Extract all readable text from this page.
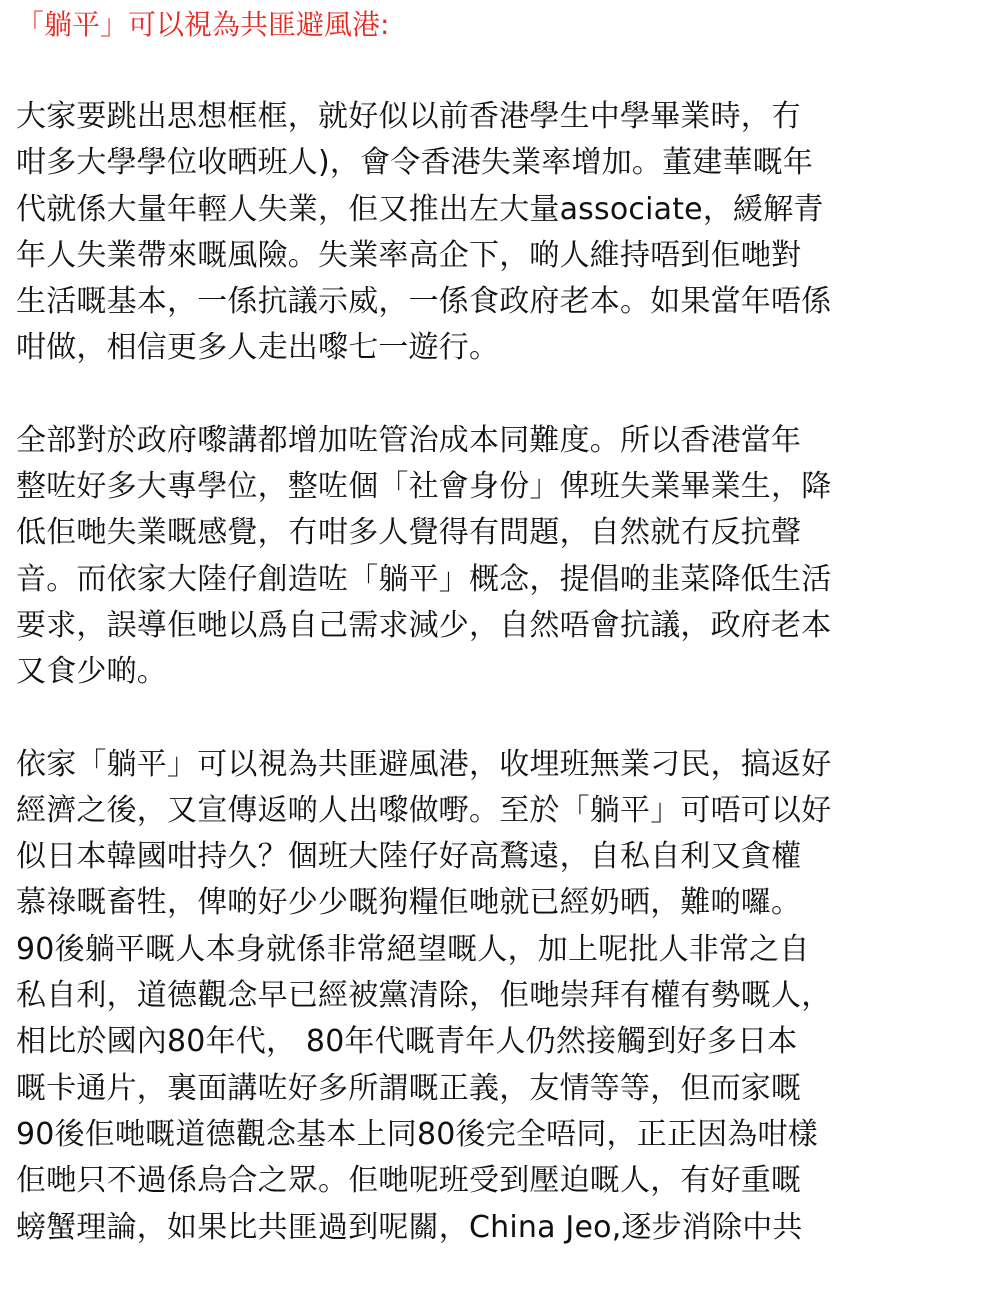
「躺平」可以視為共匪避風港:
大家要跳出思想框框，就好似以前香港學生中學畢業時，冇
咁多大學學位收晒班人)，會令香港失業率增加。董建華嘅年
代就係大量年輕人失業，佢又推出左大量associate，緩解青
年人失業帶來嘅風險。失業率高企下，啲人維持唔到佢哋對
生活嘅基本，一係抗議示威，一係食政府老本。如果當年唔係
咁做，相信更多人走出嚟七一遊行。
全部對於政府嚟講都增加咗管治成本同難度。所以香港當年
整咗好多大專學位，整咗個「社會身份」俾班失業畢業生，降
低佢哋失業嘅感覺，冇咁多人覺得有問題，自然就冇反抗聲
音。而依家大陸仔創造咗「躺平」概念，提倡啲韭菜降低生活
要求，誤導佢哋以爲自己需求減少，自然唔會抗議，政府老本
又食少啲。
依家「躺平」可以視為共匪避風港，收埋班無業刁民，搞返好
經濟之後，又宣傳返啲人出嚟做嘢。至於「躺平」可唔可以好
似日本韓國咁持久？個班大陸仔好高鶩遠，自私自利又貪權
慕祿嘅畜牲，俾啲好少少嘅狗糧佢哋就已經奶晒，難啲囉。
90後躺平嘅人本身就係非常絕望嘅人，加上呢批人非常之自
私自利，道德觀念早已經被黨清除，佢哋崇拜有權有勢嘅人，
相比於國內80年代， 80年代嘅青年人仍然接觸到好多日本
嘅卡通片，裏面講咗好多所謂嘅正義，友情等等，但而家嘅
90後佢哋嘅道德觀念基本上同80後完全唔同，正正因為咁樣
佢哋只不過係烏合之眾。佢哋呢班受到壓迫嘅人，有好重嘅
螃蟹理論，如果比共匪過到呢關，China Jeo,逐步消除中共
